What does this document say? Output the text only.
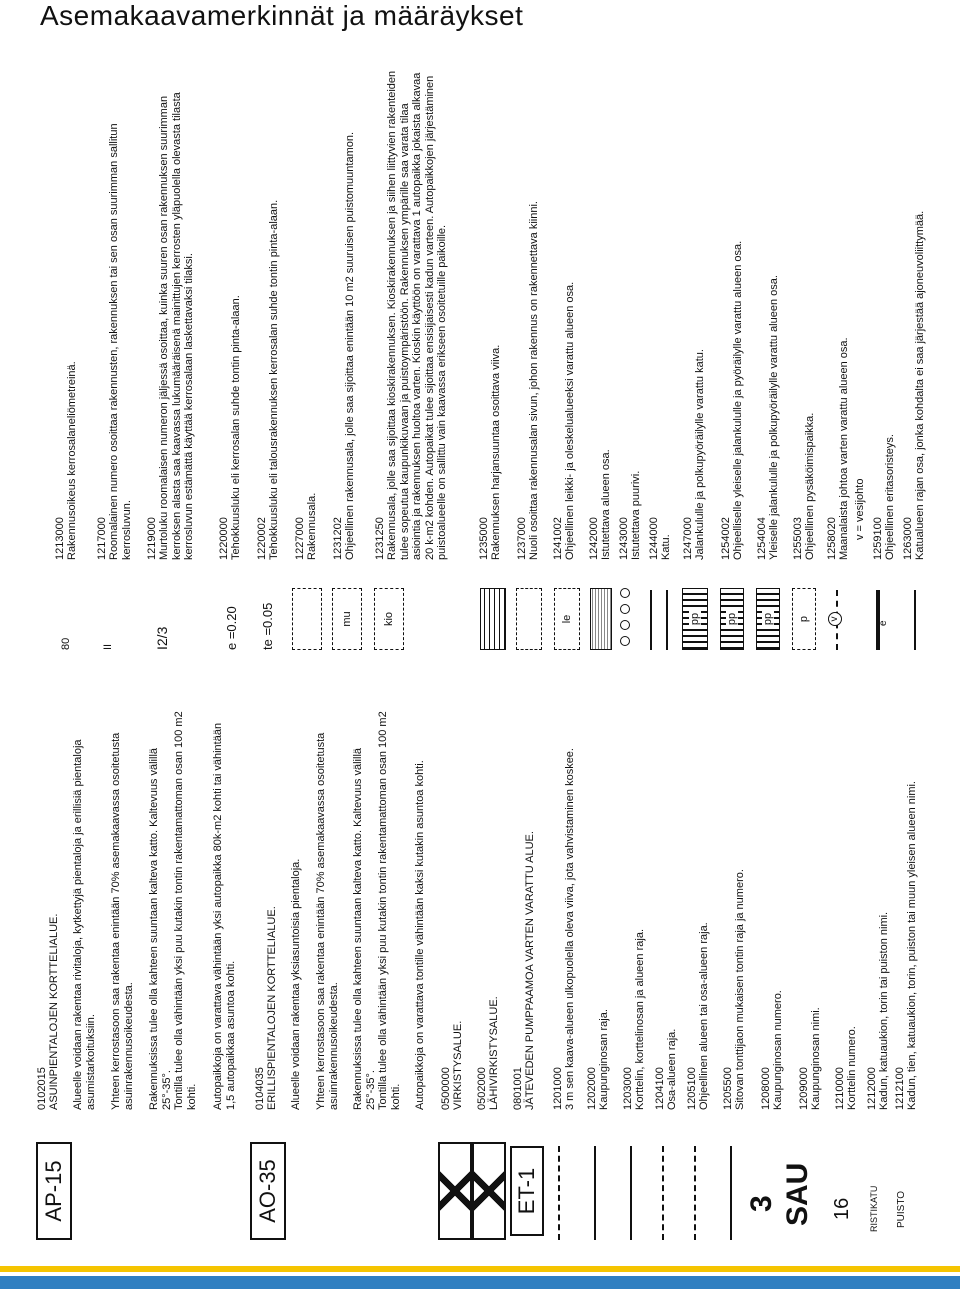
Asemakaavamerkinnät ja määräykset
AP-15
0102015 ASUINPIENTALOJEN KORTTELIALUE. Alueelle voidaan rakentaa rivitaloja, kytkettyjä pientaloja ja erillisiä pientaloja asumistarkoituksiin. Yhteen kerrostasoon saa rakentaa enintään 70% asemakaavassa osoitetusta asuinrakennusoikeudesta. Rakennuksissa tulee olla kahteen suuntaan kalteva katto. Kaltevuus välillä 25°-35°. Tontilla tulee olla vähintään yksi puu kutakin tontin rakentamattoman osan 100 m2 kohti. Autopaikkoja on varattava vähintään yksi autopaikka 80k-m2 kohti tai vähintään 1,5 autopaikkaa asuntoa kohti.
AO-35
0104035 ERILLISPIENTALOJEN KORTTELIALUE. Alueelle voidaan rakentaa yksiasuntoisia pientaloja. Yhteen kerrostasoon saa rakentaa enintään 70% asemakaavassa osoitetusta asuinrakennusoikeudesta. Rakennuksissa tulee olla kahteen suuntaan kalteva katto. Kaltevuus välillä 25°-35°. Tontilla tulee olla vähintään yksi puu kutakin tontin rakentamattoman osan 100 m2 kohti. Autopaikkoja on varattava tontille vähintään kaksi kutakin asuntoa kohti. 0500000 VIRKISTYSALUE. 0502000 LÄHIVIRKISTYSALUE.
ET-1
0801001 JÄTEVEDEN PUMPPAAMOA VARTEN VARATTU ALUE.
3 SAU 16 RISTIKATU PUISTO
1201000 3 m sen kaava-alueen ulkopuolella oleva viiva, jota vahvistaminen koskee. 1202000 Kaupunginosan raja. 1203000 Korttelin, korttelinosan ja alueen raja. 1204100 Osa-alueen raja. 1205100 Ohjeellinen alueen tai osa-alueen raja. 1205500 Sitovan tonttijaon mukaisen tontin raja ja numero. 1208000 Kaupunginosan numero. 1209000 Kaupunginosan nimi. 1210000 Korttelin numero. 1212000 Kadun, katuaukion, torin tai puiston nimi. 1212100 Kadun, tien, katuaukion, torin, puiston tai muun yleisen alueen nimi.
80
1213000 Rakennusoikeus kerrosalaneliömetreinä.
II
1217000 Roomalainen numero osoittaa rakennusten, rakennuksen tai sen osan suurimman sallitun kerrosluvun.
I2/3
1219000 Murtoluku roomalaisen numeron jäljessä osoittaa, kuinka suuren osan rakennuksen suurimman kerroksen alasta saa kaavassa lukumääräisenä mainittujen kerrosten yläpuolella olevasta tilasta kerrosluvun estämättä käyttää kerrosalaan laskettavaksi tilaksi.
e =0.20
1220000 Tehokkuusluku eli kerrosalan suhde tontin pinta-alaan.
te =0.05
1220002 Tehokkuusluku eli talousrakennuksen kerrosalan suhde tontin pinta-alaan. 1227000 Rakennusala.
mu
1231202 Ohjeellinen rakennusala, jolle saa sijoittaa enintään 10 m2 suuruisen puistomuuntamon.
kio
1231250 Rakennusala, jolle saa sijoittaa kioskirakennuksen. Kioskirakennuksen ja siihen liittyvien rakenteiden tulee sopeutua kaupunkikuvaan ja puistoympäristöön. Rakennuksen ympärille saa varata tilaa asiointia ja rakennuksen huoltoa varten. Kioskin käyttöön on varattava 1 autopaikka jokaista alkavaa 20 k-m2 kohden. Autopaikat tulee sijoittaa ensisijaisesti kadun varteen. Autopaikkojen järjestäminen puistoalueelle on sallittu vain kaavassa erikseen osoitetuille paikoille.	1235000 Rakennuksen harjansuuntaa osoittava viiva. 1237000 Nuoli osoittaa rakennusalan sivun, johon rakennus on rakennettava kiinni.
le
1241002 Ohjeellinen leikki- ja oleskelualueeksi varattu alueen osa. 1242000 Istutettava alueen osa. 1243000 Istutettava puurivi. 1244000 Katu.
pp
1247000 Jalankululle ja polkupyöräilylle varattu katu.
pp
1254002 Ohjeelliselle yleiselle jalankululle ja pyöräilylle varattu alueen osa.
pp
1254004 Yleiselle jalankululle ja polkupyöräilylle varattu alueen osa.
p
1255003 Ohjeellinen pysäköimispaikka.
v
1258020 Maanalaista johtoa varten varattu alueen osa. v = vesijohto
e
1259100 Ohjeellinen eritasoristeys. 1263000 Katualueen rajan osa, jonka kohdalta ei saa järjestää ajoneuvoliittymää.
